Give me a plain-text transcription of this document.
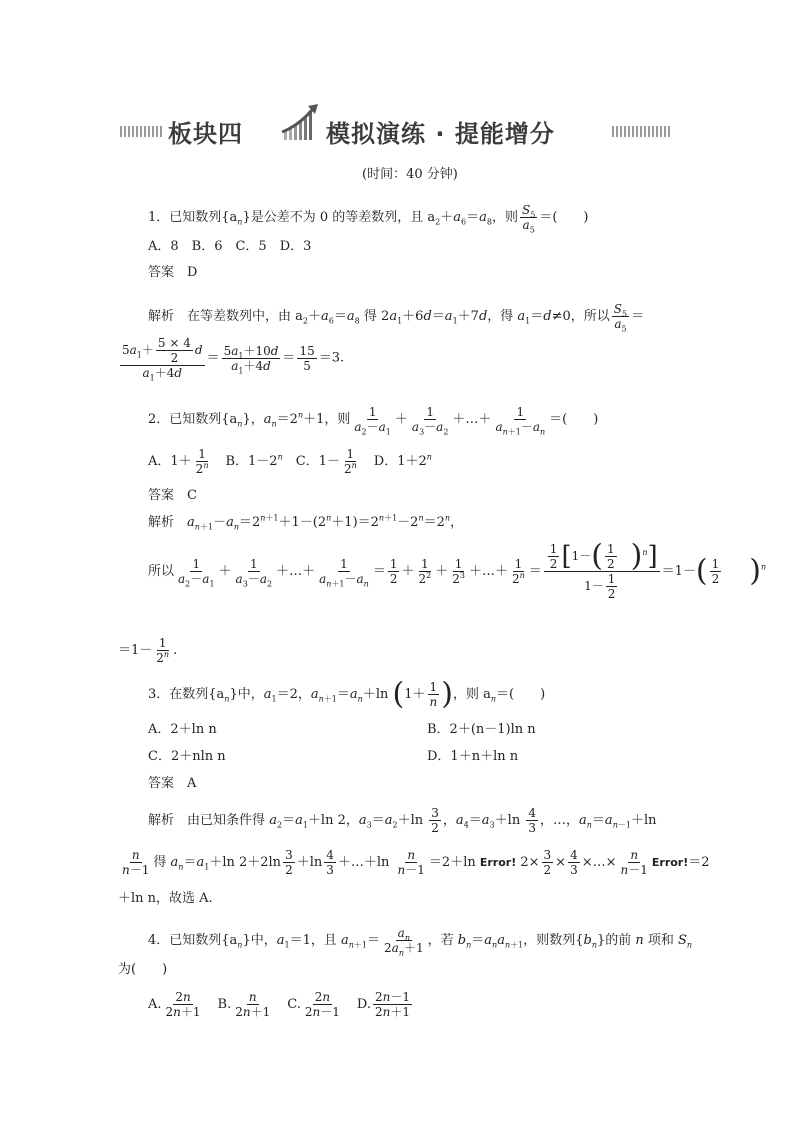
板块四	模拟演练 · 提能增分
(时间：40 分钟)
1．已知数列$\{a_n\}$是公差不为 0 的等差数列，且 $a_2+a_6=a_8$，则 $\frac{S_5}{a_5}$ ＝(　　)
A．8　B．6　C．5　D．3
答案　 D
解析　 在等差数列中，由 $a_2+a_6=a_8$ 得 $2a_1+6d=a_1+7d$，得 $a_1=d\ne 0$，所以 $\frac{S_5}{a_5}$ ＝
$\frac{5a_1+ \frac{5 \times 4}{2} d}{a_1+4d} = \frac{5a_1+10d}{a_1+4d} = \frac{15}{5} =3$.
2．已知数列$\{a_n\}$，$a_n=2^n+1$，则 $\frac{1}{a_2-a_1} + \frac{1}{a_3-a_2}$ ＋…＋ $\frac{1}{a_{n+1}-a_n}$ ＝(　　)
A．$1+ \frac{1}{2^n}$ 　B．$1-2^n$　C．$1- \frac{1}{2^n}$
　 D．$1+2^n$
答案　 C
解析　 $a_{n+1}-a_n=2^{n+1}+1-(2^n+1)=2^{n+1}-2^n=2^n$，
所以 $\frac{1}{a_2-a_1} + \frac{1}{a_3-a_2}$ ＋…＋ $\frac{1}{a_{n+1}-a_n} = \frac{1}{2} + \frac{1}{2^2} + \frac{1}{2^3}$ ＋…＋ $\frac{1}{2^n} = \frac{1}{2} [1-( \frac{1}{2}$
　 )$^n$]
$1- \frac{1}{2} =1-( \frac{1}{2}$
　　 )$^n$
$=1- \frac{1}{2^n}$ .
3．在数列$\{a_n\}$中，$a_1=2$，$a_{n+1}=a_n+\ln$ ($1+ \frac{1}{n}$ )，则 $a_n=$(　　)
A．2＋ln n	B．2＋(n－1)ln n
C．2＋nln n	D．1＋n＋ln n
答案　 A
解析　 由已知条件得 $a_2=a_1+\ln$ 2，$a_3=a_2+\ln \frac{3}{2}$ ，$a_4=a_3+\ln \frac{4}{3}$ ，…，$a_n=a_{n-1}+\ln$
$\frac{n}{n-1}$ 得 $a_n=a_1+\ln$ $2+2\ln \frac{3}{2} +\ln \frac{4}{3}$ ＋…＋ln $\frac{n}{n-1} =2+\ln$ Error! $2\times \frac{3}{2} \times \frac{4}{3}$ ×…× $\frac{n}{n-1}$ Error!＝2
＋ln n，故选 A.
4．已知数列$\{a_n\}$中，$a_1=1$，且 $a_{n+1}= \frac{a_n}{2a_n+1}$ ，若 $b_n=a_na_{n+1}$，则数列$\{b_n\}$的前 n 项和 $S_n$
为(　　)
A. $\frac{2n}{2n+1}$ 　B. $\frac{n}{2n+1}$ 　C. $\frac{2n}{2n-1}$ 　D. $\frac{2n-1}{2n+1}$
